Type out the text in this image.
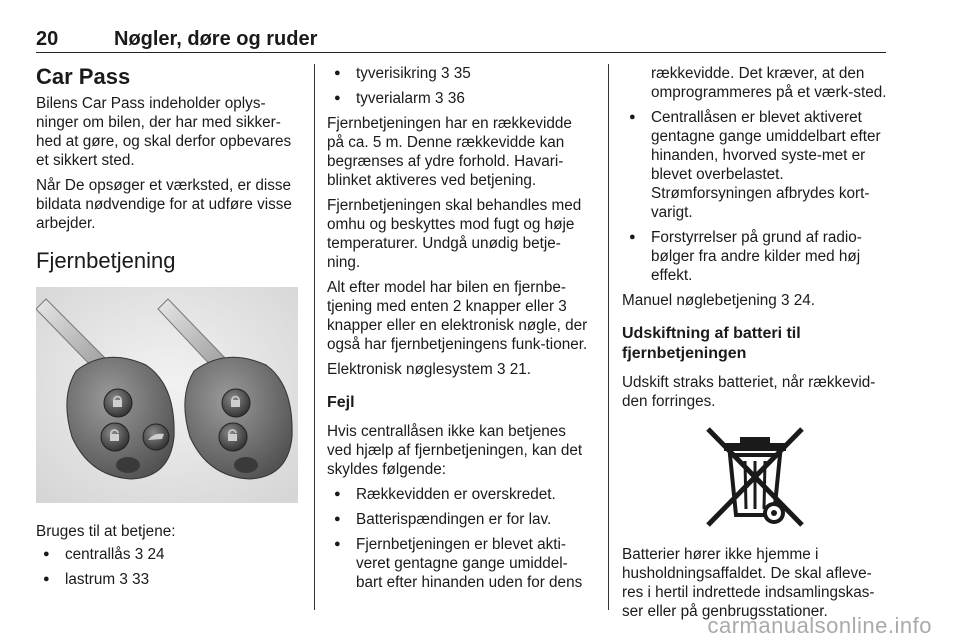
20	Nøgler, døre og ruder
Car Pass

Bilens Car Pass indeholder oplys-ninger om bilen, der har med sikker-hed at gøre, og skal derfor opbevares et sikkert sted.

Når De opsøger et værksted, er disse bildata nødvendige for at udføre visse arbejder.

Fjernbetjening

Bruges til at betjene:

● centrallås 3 24
● lastrum 3 33
● tyverisikring 3 35
● tyverialarm 3 36

Fjernbetjeningen har en rækkevidde på ca. 5 m. Denne rækkevidde kan begrænses af ydre forhold. Havari-blinket aktiveres ved betjening.

Fjernbetjeningen skal behandles med omhu og beskyttes mod fugt og høje temperaturer. Undgå unødig betje-ning.

Alt efter model har bilen en fjernbe-tjening med enten 2 knapper eller 3 knapper eller en elektronisk nøgle, der også har fjernbetjeningens funk-tioner.

Elektronisk nøglesystem 3 21.

Fejl

Hvis centrallåsen ikke kan betjenes ved hjælp af fjernbetjeningen, kan det skyldes følgende:

● Rækkevidden er overskredet.
● Batterispændingen er for lav.
● Fjernbetjeningen er blevet akti-veret gentagne gange umiddel-bart efter hinanden uden for dens

rækkevidde. Det kræver, at den omprogrammeres på et værk-sted.

● Centrallåsen er blevet aktiveret gentagne gange umiddelbart efter hinanden, hvorved syste-met er blevet overbelastet. Strømforsyningen afbrydes kort-varigt.
● Forstyrrelser på grund af radio-bølger fra andre kilder med høj effekt.

Manuel nøglebetjening 3 24.

Udskiftning af batteri til fjernbetjeningen

Udskift straks batteriet, når rækkevid-den forringes.

Batterier hører ikke hjemme i husholdningsaffaldet. De skal afleve-res i hertil indrettede indsamlingskas-ser eller på genbrugsstationer.

carmanualsonline.info
